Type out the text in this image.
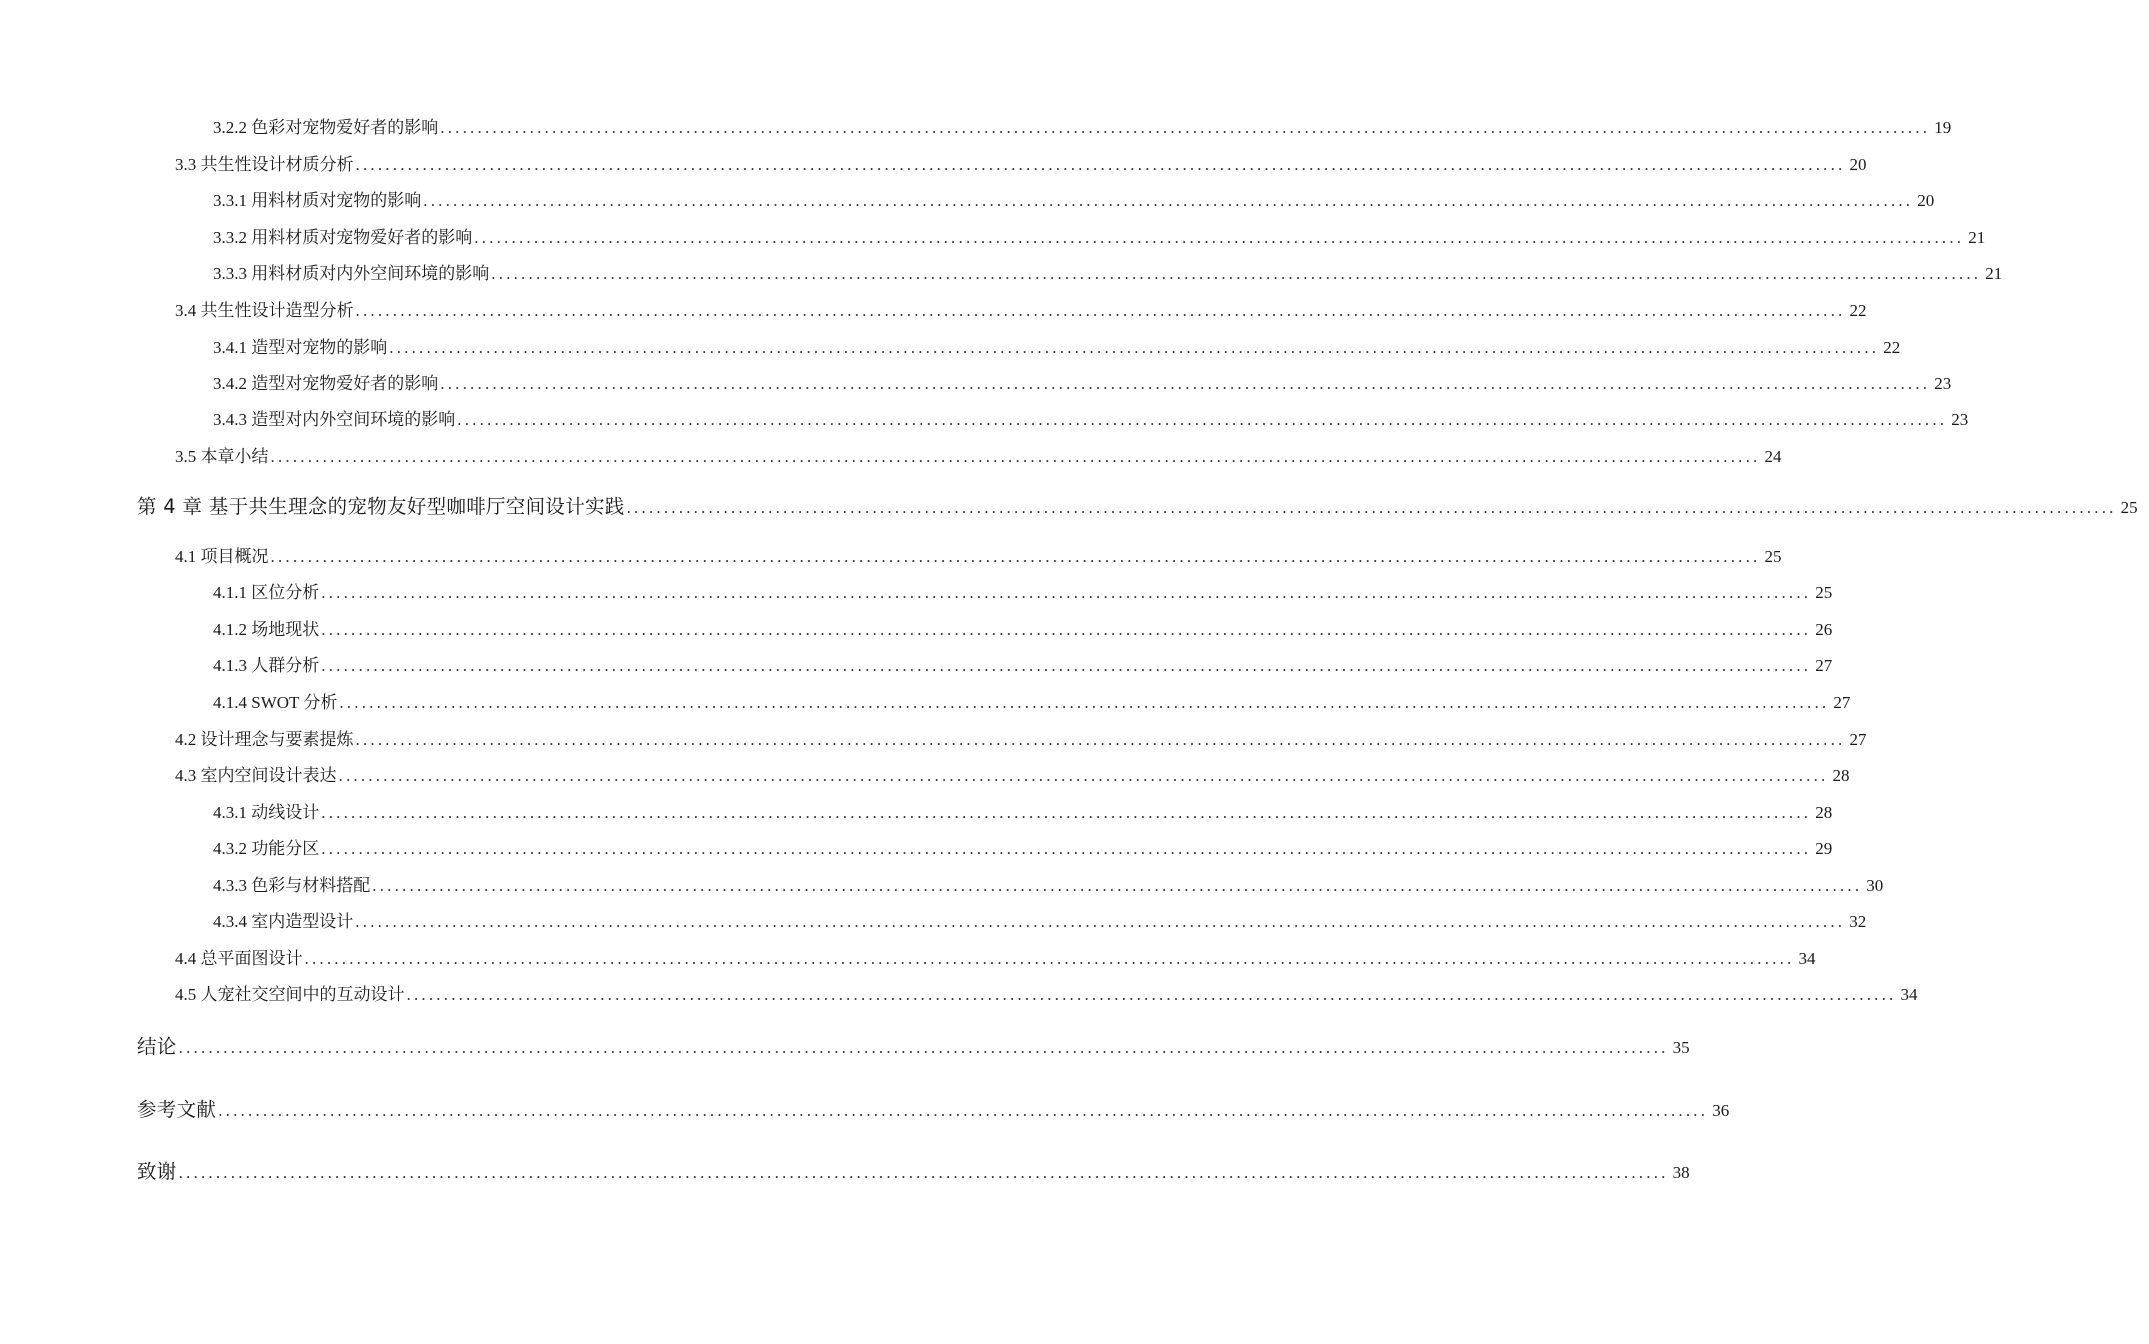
3.2.2 色彩对宠物爱好者的影响 ........................................................................................................................................................................................................ 19
3.3 共生性设计材质分析 ........................................................................................................................................................................................................ 20
3.3.1 用料材质对宠物的影响 ........................................................................................................................................................................................................ 20
3.3.2 用料材质对宠物爱好者的影响 ........................................................................................................................................................................................................ 21
3.3.3 用料材质对内外空间环境的影响 ........................................................................................................................................................................................................ 21
3.4 共生性设计造型分析 ........................................................................................................................................................................................................ 22
3.4.1 造型对宠物的影响 ........................................................................................................................................................................................................ 22
3.4.2 造型对宠物爱好者的影响 ........................................................................................................................................................................................................ 23
3.4.3 造型对内外空间环境的影响 ........................................................................................................................................................................................................ 23
3.5 本章小结 ........................................................................................................................................................................................................ 24
第 4 章 基于共生理念的宠物友好型咖啡厅空间设计实践 ........................................................................................................................................................................................................ 25
4.1 项目概况 ........................................................................................................................................................................................................ 25
4.1.1 区位分析 ........................................................................................................................................................................................................ 25
4.1.2 场地现状 ........................................................................................................................................................................................................ 26
4.1.3 人群分析 ........................................................................................................................................................................................................ 27
4.1.4 SWOT 分析 ........................................................................................................................................................................................................ 27
4.2 设计理念与要素提炼 ........................................................................................................................................................................................................ 27
4.3 室内空间设计表达 ........................................................................................................................................................................................................ 28
4.3.1 动线设计 ........................................................................................................................................................................................................ 28
4.3.2 功能分区 ........................................................................................................................................................................................................ 29
4.3.3 色彩与材料搭配 ........................................................................................................................................................................................................ 30
4.3.4 室内造型设计 ........................................................................................................................................................................................................ 32
4.4 总平面图设计 ........................................................................................................................................................................................................ 34
4.5 人宠社交空间中的互动设计 ........................................................................................................................................................................................................ 34
结论 ........................................................................................................................................................................................................ 35
参考文献 ........................................................................................................................................................................................................ 36
致谢 ........................................................................................................................................................................................................ 38
